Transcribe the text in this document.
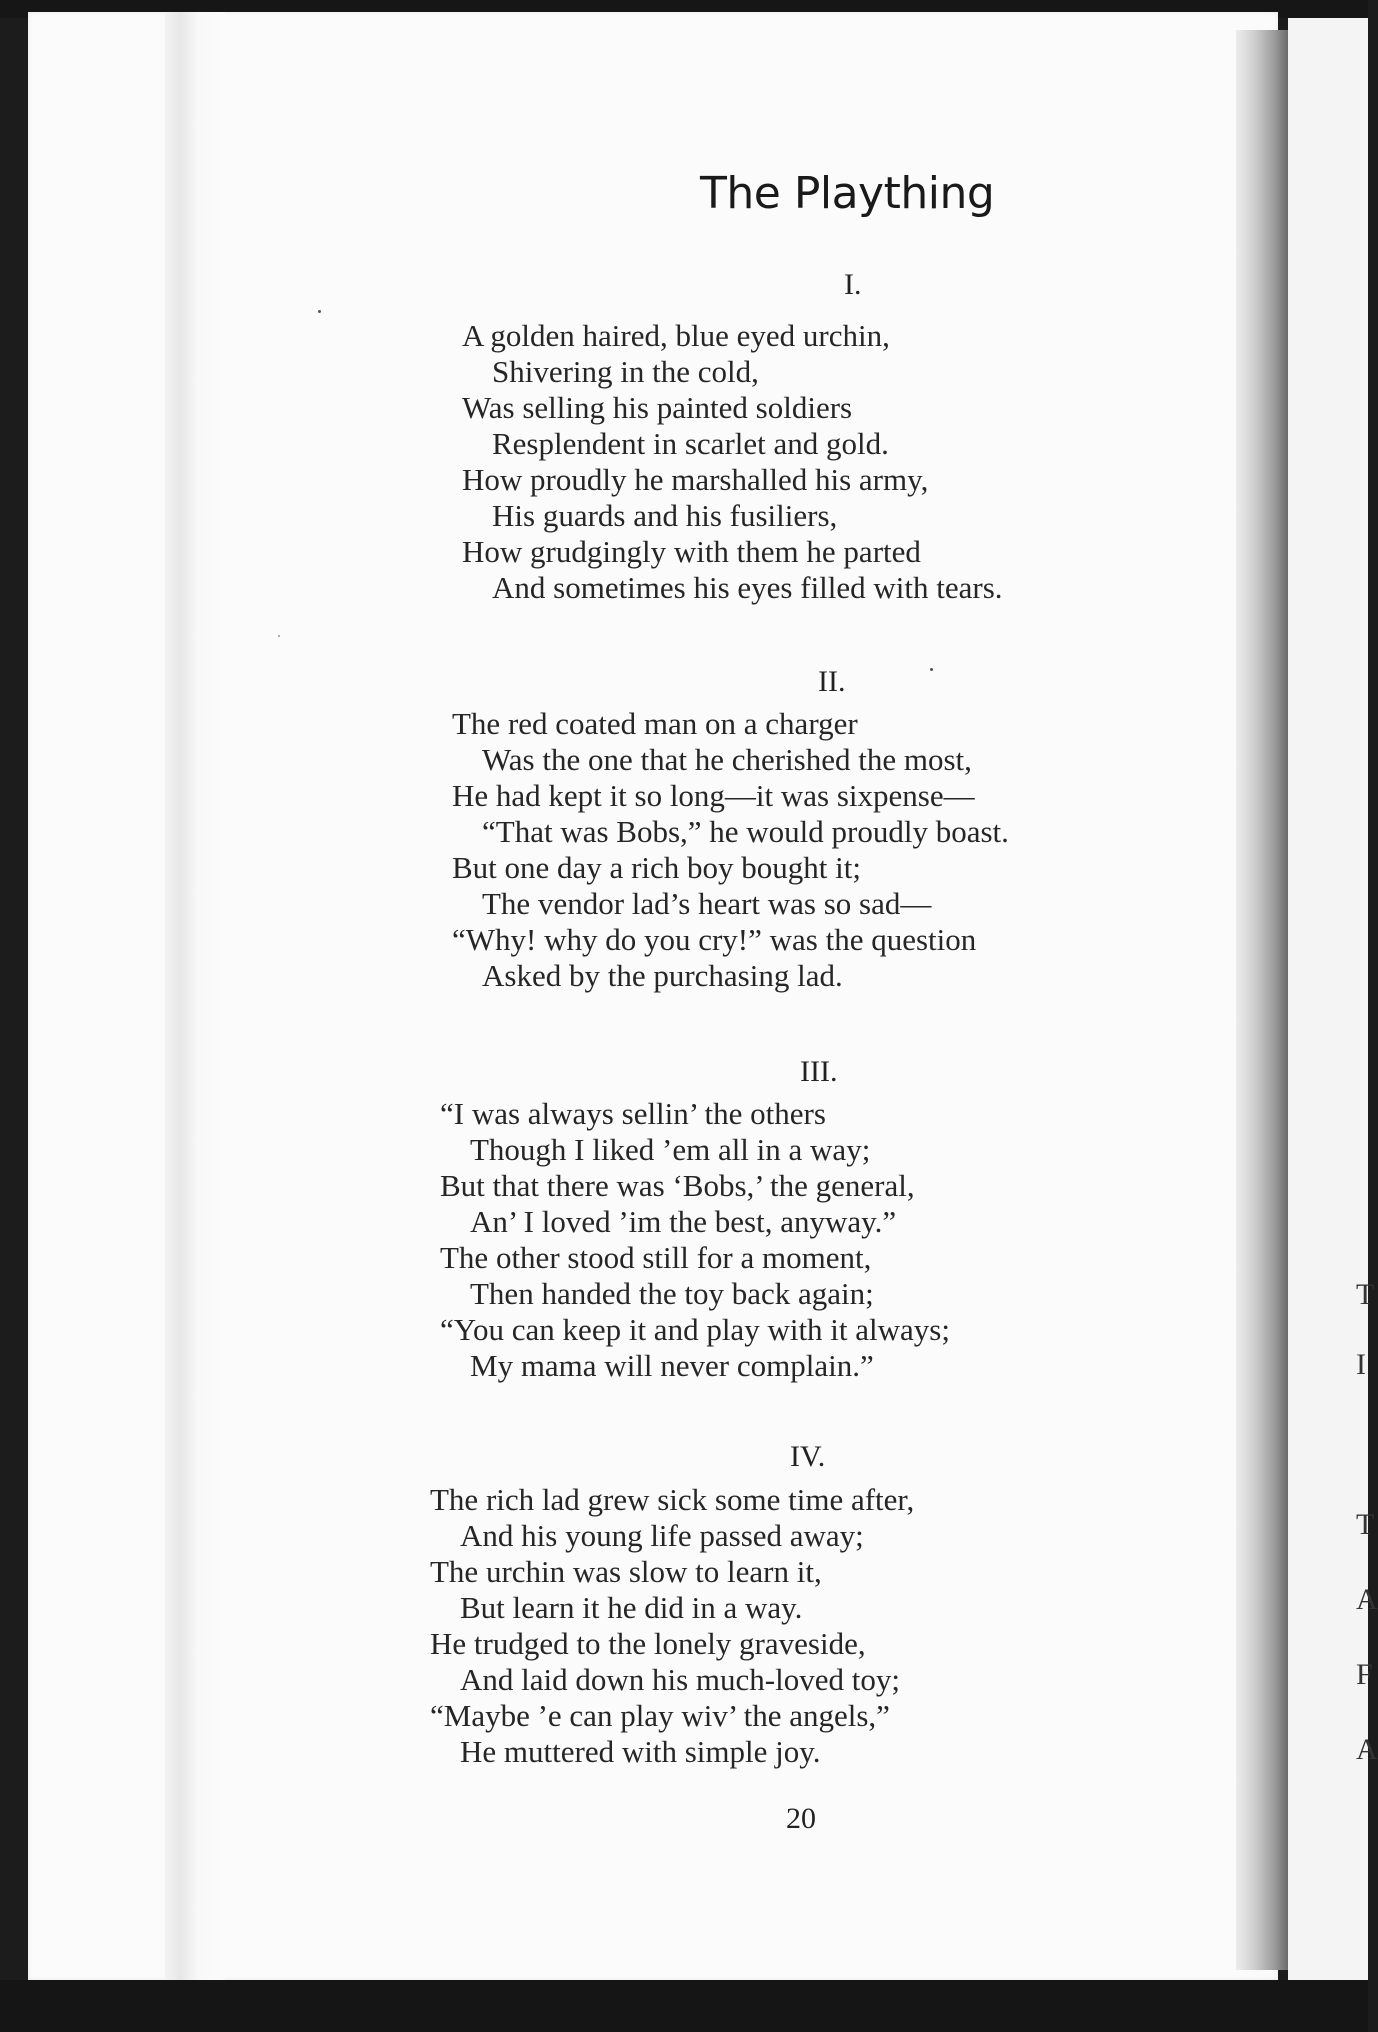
T
I
T
A
F
A
The Plaything
I.
A golden haired, blue eyed urchin,
Shivering in the cold,
Was selling his painted soldiers
Resplendent in scarlet and gold.
How proudly he marshalled his army,
His guards and his fusiliers,
How grudgingly with them he parted
And sometimes his eyes filled with tears.
II.
The red coated man on a charger
Was the one that he cherished the most,
He had kept it so long—it was sixpense—
“That was Bobs,” he would proudly boast.
But one day a rich boy bought it;
The vendor lad’s heart was so sad—
“Why! why do you cry!” was the question
Asked by the purchasing lad.
III.
“I was always sellin’ the others
Though I liked ’em all in a way;
But that there was ‘Bobs,’ the general,
An’ I loved ’im the best, anyway.”
The other stood still for a moment,
Then handed the toy back again;
“You can keep it and play with it always;
My mama will never complain.”
IV.
The rich lad grew sick some time after,
And his young life passed away;
The urchin was slow to learn it,
But learn it he did in a way.
He trudged to the lonely graveside,
And laid down his much-loved toy;
“Maybe ’e can play wiv’ the angels,”
He muttered with simple joy.
20
